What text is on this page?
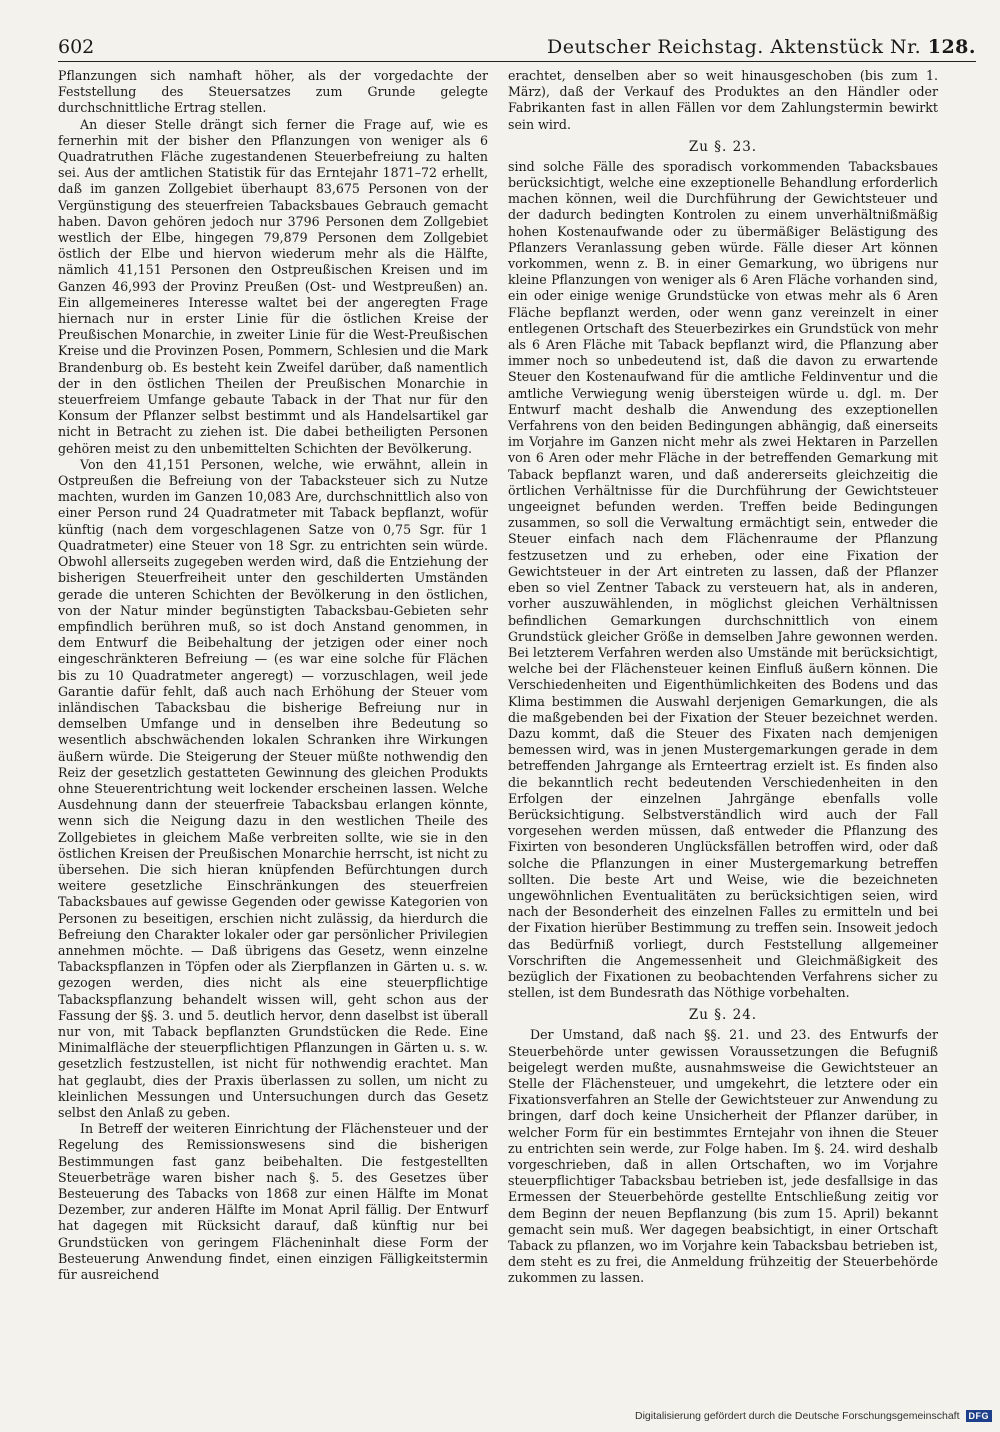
602	Deutscher Reichstag. Aktenstück Nr. 128.

Pflanzungen sich namhaft höher, als der vorgedachte der Feststellung des Steuersatzes zum Grunde gelegte durchschnittliche Ertrag stellen.

An dieser Stelle drängt sich ferner die Frage auf, wie es fernerhin mit der bisher den Pflanzungen von weniger als 6 Quadratruthen Fläche zugestandenen Steuerbefreiung zu halten sei. Aus der amtlichen Statistik für das Erntejahr 1871–72 erhellt, daß im ganzen Zollgebiet überhaupt 83,675 Personen von der Vergünstigung des steuerfreien Tabacksbaues Gebrauch gemacht haben. Davon gehören jedoch nur 3796 Personen dem Zollgebiet westlich der Elbe, hingegen 79,879 Personen dem Zollgebiet östlich der Elbe und hiervon wiederum mehr als die Hälfte, nämlich 41,151 Personen den Ostpreußischen Kreisen und im Ganzen 46,993 der Provinz Preußen (Ost- und Westpreußen) an. Ein allgemeineres Interesse waltet bei der angeregten Frage hiernach nur in erster Linie für die östlichen Kreise der Preußischen Monarchie, in zweiter Linie für die West-Preußischen Kreise und die Provinzen Posen, Pommern, Schlesien und die Mark Brandenburg ob. Es besteht kein Zweifel darüber, daß namentlich der in den östlichen Theilen der Preußischen Monarchie in steuerfreiem Umfange gebaute Taback in der That nur für den Konsum der Pflanzer selbst bestimmt und als Handelsartikel gar nicht in Betracht zu ziehen ist. Die dabei betheiligten Personen gehören meist zu den unbemittelten Schichten der Bevölkerung.

Von den 41,151 Personen, welche, wie erwähnt, allein in Ostpreußen die Befreiung von der Tabacksteuer sich zu Nutze machten, wurden im Ganzen 10,083 Are, durchschnittlich also von einer Person rund 24 Quadratmeter mit Taback bepflanzt, wofür künftig (nach dem vorgeschlagenen Satze von 0,75 Sgr. für 1 Quadratmeter) eine Steuer von 18 Sgr. zu entrichten sein würde. Obwohl allerseits zugegeben werden wird, daß die Entziehung der bisherigen Steuerfreiheit unter den geschilderten Umständen gerade die unteren Schichten der Bevölkerung in den östlichen, von der Natur minder begünstigten Tabacksbau-Gebieten sehr empfindlich berühren muß, so ist doch Anstand genommen, in dem Entwurf die Beibehaltung der jetzigen oder einer noch eingeschränkteren Befreiung — (es war eine solche für Flächen bis zu 10 Quadratmeter angeregt) — vorzuschlagen, weil jede Garantie dafür fehlt, daß auch nach Erhöhung der Steuer vom inländischen Tabacksbau die bisherige Befreiung nur in demselben Umfange und in denselben ihre Bedeutung so wesentlich abschwächenden lokalen Schranken ihre Wirkungen äußern würde. Die Steigerung der Steuer müßte nothwendig den Reiz der gesetzlich gestatteten Gewinnung des gleichen Produkts ohne Steuerentrichtung weit lockender erscheinen lassen. Welche Ausdehnung dann der steuerfreie Tabacksbau erlangen könnte, wenn sich die Neigung dazu in den westlichen Theile des Zollgebietes in gleichem Maße verbreiten sollte, wie sie in den östlichen Kreisen der Preußischen Monarchie herrscht, ist nicht zu übersehen. Die sich hieran knüpfenden Befürchtungen durch weitere gesetzliche Einschränkungen des steuerfreien Tabacksbaues auf gewisse Gegenden oder gewisse Kategorien von Personen zu beseitigen, erschien nicht zulässig, da hierdurch die Befreiung den Charakter lokaler oder gar persönlicher Privilegien annehmen möchte. — Daß übrigens das Gesetz, wenn einzelne Tabackspflanzen in Töpfen oder als Zierpflanzen in Gärten u. s. w. gezogen werden, dies nicht als eine steuerpflichtige Tabackspflanzung behandelt wissen will, geht schon aus der Fassung der §§. 3. und 5. deutlich hervor, denn daselbst ist überall nur von, mit Taback bepflanzten Grundstücken die Rede. Eine Minimalfläche der steuerpflichtigen Pflanzungen in Gärten u. s. w. gesetzlich festzustellen, ist nicht für nothwendig erachtet. Man hat geglaubt, dies der Praxis überlassen zu sollen, um nicht zu kleinlichen Messungen und Untersuchungen durch das Gesetz selbst den Anlaß zu geben.

In Betreff der weiteren Einrichtung der Flächensteuer und der Regelung des Remissionswesens sind die bisherigen Bestimmungen fast ganz beibehalten. Die festgestellten Steuerbeträge waren bisher nach §. 5. des Gesetzes über Besteuerung des Tabacks von 1868 zur einen Hälfte im Monat Dezember, zur anderen Hälfte im Monat April fällig. Der Entwurf hat dagegen mit Rücksicht darauf, daß künftig nur bei Grundstücken von geringem Flächeninhalt diese Form der Besteuerung Anwendung findet, einen einzigen Fälligkeitstermin für ausreichend

erachtet, denselben aber so weit hinausgeschoben (bis zum 1. März), daß der Verkauf des Produktes an den Händler oder Fabrikanten fast in allen Fällen vor dem Zahlungstermin bewirkt sein wird.

Zu §. 23.

sind solche Fälle des sporadisch vorkommenden Tabacksbaues berücksichtigt, welche eine exzeptionelle Behandlung erforderlich machen können, weil die Durchführung der Gewichtsteuer und der dadurch bedingten Kontrolen zu einem unverhältnißmäßig hohen Kostenaufwande oder zu übermäßiger Belästigung des Pflanzers Veranlassung geben würde. Fälle dieser Art können vorkommen, wenn z. B. in einer Gemarkung, wo übrigens nur kleine Pflanzungen von weniger als 6 Aren Fläche vorhanden sind, ein oder einige wenige Grundstücke von etwas mehr als 6 Aren Fläche bepflanzt werden, oder wenn ganz vereinzelt in einer entlegenen Ortschaft des Steuerbezirkes ein Grundstück von mehr als 6 Aren Fläche mit Taback bepflanzt wird, die Pflanzung aber immer noch so unbedeutend ist, daß die davon zu erwartende Steuer den Kostenaufwand für die amtliche Feldinventur und die amtliche Verwiegung wenig übersteigen würde u. dgl. m. Der Entwurf macht deshalb die Anwendung des exzeptionellen Verfahrens von den beiden Bedingungen abhängig, daß einerseits im Vorjahre im Ganzen nicht mehr als zwei Hektaren in Parzellen von 6 Aren oder mehr Fläche in der betreffenden Gemarkung mit Taback bepflanzt waren, und daß andererseits gleichzeitig die örtlichen Verhältnisse für die Durchführung der Gewichtsteuer ungeeignet befunden werden. Treffen beide Bedingungen zusammen, so soll die Verwaltung ermächtigt sein, entweder die Steuer einfach nach dem Flächenraume der Pflanzung festzusetzen und zu erheben, oder eine Fixation der Gewichtsteuer in der Art eintreten zu lassen, daß der Pflanzer eben so viel Zentner Taback zu versteuern hat, als in anderen, vorher auszuwählenden, in möglichst gleichen Verhältnissen befindlichen Gemarkungen durchschnittlich von einem Grundstück gleicher Größe in demselben Jahre gewonnen werden. Bei letzterem Verfahren werden also Umstände mit berücksichtigt, welche bei der Flächensteuer keinen Einfluß äußern können. Die Verschiedenheiten und Eigenthümlichkeiten des Bodens und das Klima bestimmen die Auswahl derjenigen Gemarkungen, die als die maßgebenden bei der Fixation der Steuer bezeichnet werden. Dazu kommt, daß die Steuer des Fixaten nach demjenigen bemessen wird, was in jenen Mustergemarkungen gerade in dem betreffenden Jahrgange als Ernteertrag erzielt ist. Es finden also die bekanntlich recht bedeutenden Verschiedenheiten in den Erfolgen der einzelnen Jahrgänge ebenfalls volle Berücksichtigung. Selbstverständlich wird auch der Fall vorgesehen werden müssen, daß entweder die Pflanzung des Fixirten von besonderen Unglücksfällen betroffen wird, oder daß solche die Pflanzungen in einer Mustergemarkung betreffen sollten. Die beste Art und Weise, wie die bezeichneten ungewöhnlichen Eventualitäten zu berücksichtigen seien, wird nach der Besonderheit des einzelnen Falles zu ermitteln und bei der Fixation hierüber Bestimmung zu treffen sein. Insoweit jedoch das Bedürfniß vorliegt, durch Feststellung allgemeiner Vorschriften die Angemessenheit und Gleichmäßigkeit des bezüglich der Fixationen zu beobachtenden Verfahrens sicher zu stellen, ist dem Bundesrath das Nöthige vorbehalten.

Zu §. 24.

Der Umstand, daß nach §§. 21. und 23. des Entwurfs der Steuerbehörde unter gewissen Voraussetzungen die Befugniß beigelegt werden mußte, ausnahmsweise die Gewichtsteuer an Stelle der Flächensteuer, und umgekehrt, die letztere oder ein Fixationsverfahren an Stelle der Gewichtsteuer zur Anwendung zu bringen, darf doch keine Unsicherheit der Pflanzer darüber, in welcher Form für ein bestimmtes Erntejahr von ihnen die Steuer zu entrichten sein werde, zur Folge haben. Im §. 24. wird deshalb vorgeschrieben, daß in allen Ortschaften, wo im Vorjahre steuerpflichtiger Tabacksbau betrieben ist, jede desfallsige in das Ermessen der Steuerbehörde gestellte Entschließung zeitig vor dem Beginn der neuen Bepflanzung (bis zum 15. April) bekannt gemacht sein muß. Wer dagegen beabsichtigt, in einer Ortschaft Taback zu pflanzen, wo im Vorjahre kein Tabacksbau betrieben ist, dem steht es zu frei, die Anmeldung frühzeitig der Steuerbehörde zukommen zu lassen.

Digitalisierung gefördert durch die Deutsche Forschungsgemeinschaft	DFG
